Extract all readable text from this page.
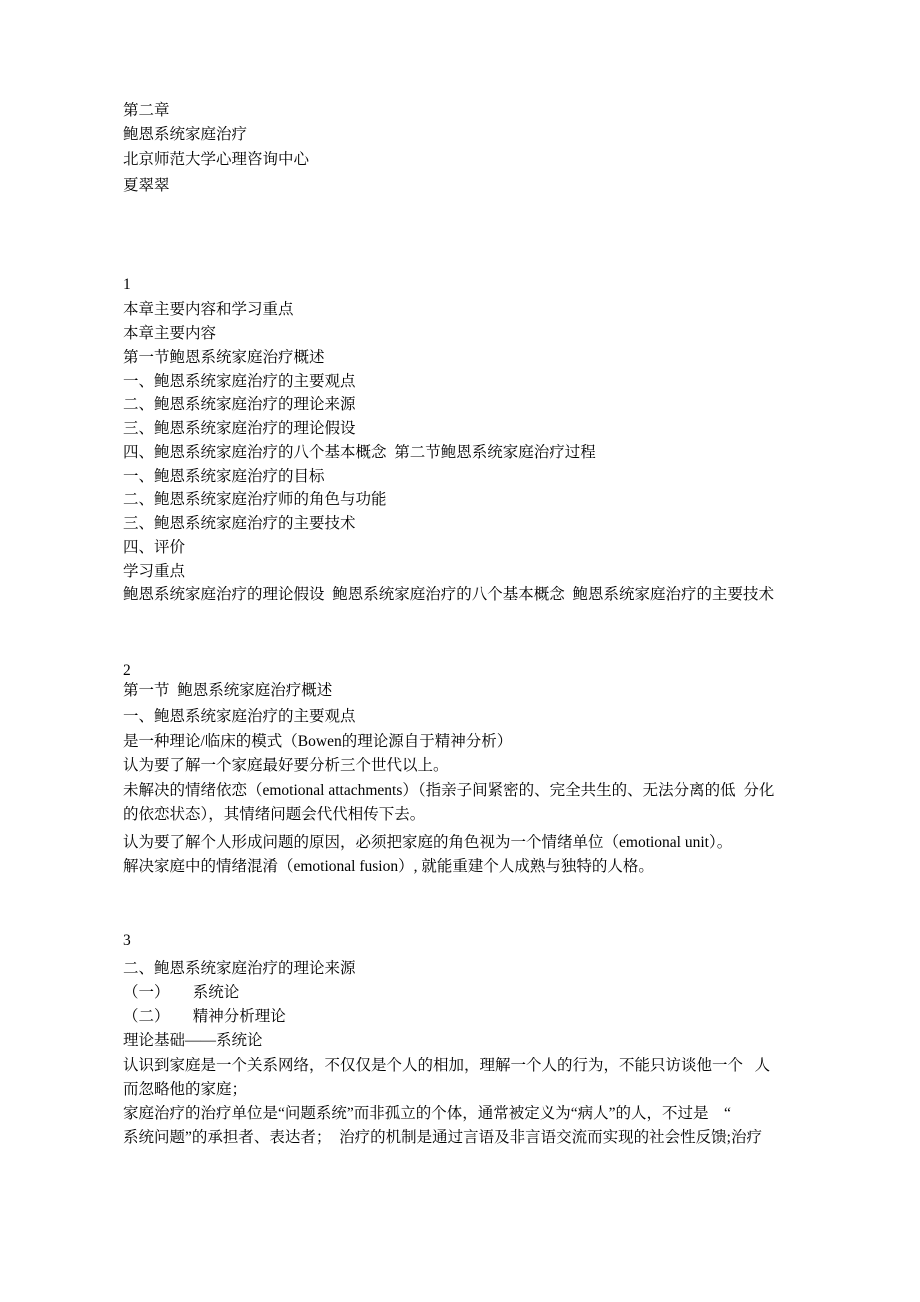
第二章
鲍恩系统家庭治疗
北京师范大学心理咨询中心
夏翠翠
1
本章主要内容和学习重点
本章主要内容
第一节鲍恩系统家庭治疗概述
一、鲍恩系统家庭治疗的主要观点
二、鲍恩系统家庭治疗的理论来源
三、鲍恩系统家庭治疗的理论假设
四、鲍恩系统家庭治疗的八个基本概念  第二节鲍恩系统家庭治疗过程
一、鲍恩系统家庭治疗的目标
二、鲍恩系统家庭治疗师的角色与功能
三、鲍恩系统家庭治疗的主要技术
四、评价
学习重点
鲍恩系统家庭治疗的理论假设  鲍恩系统家庭治疗的八个基本概念  鲍恩系统家庭治疗的主要技术
2
第一节  鲍恩系统家庭治疗概述
一、鲍恩系统家庭治疗的主要观点
是一种理论/临床的模式（Bowen的理论源自于精神分析）
认为要了解一个家庭最好要分析三个世代以上。
未解决的情绪依恋（emotional attachments）（指亲子间紧密的、完全共生的、无法分离的低  分化
的依恋状态），其情绪问题会代代相传下去。
认为要了解个人形成问题的原因，必须把家庭的角色视为一个情绪单位（emotional unit）。
解决家庭中的情绪混淆（emotional fusion）, 就能重建个人成熟与独特的人格。
3
二、鲍恩系统家庭治疗的理论来源
（一）      系统论
（二）      精神分析理论
理论基础——系统论
认识到家庭是一个关系网络，不仅仅是个人的相加，理解一个人的行为，不能只访谈他一个   人
而忽略他的家庭；
家庭治疗的治疗单位是“问题系统”而非孤立的个体，通常被定义为“病人”的人，不过是    “
系统问题”的承担者、表达者；  治疗的机制是通过言语及非言语交流而实现的社会性反馈;治疗
